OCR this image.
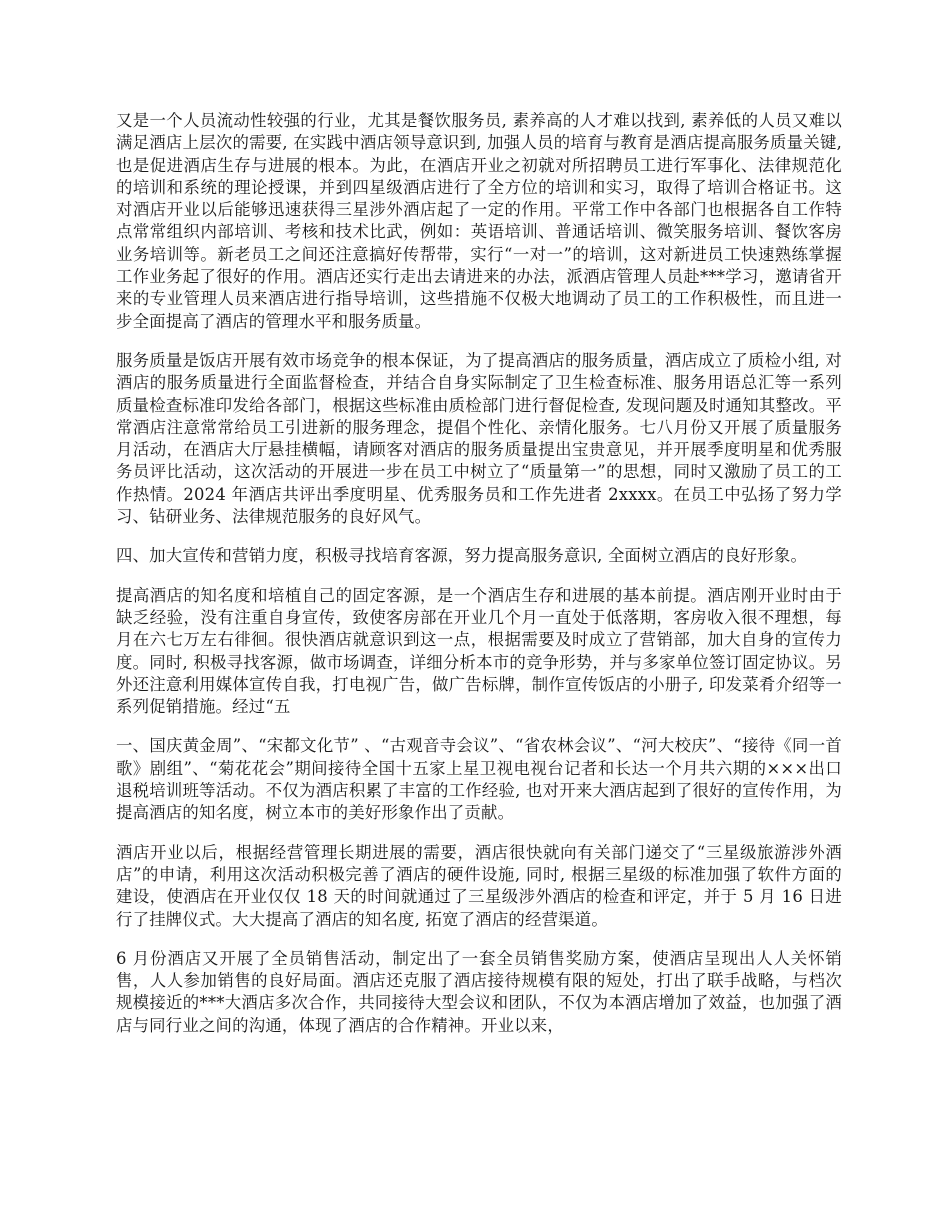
又是一个人员流动性较强的行业，尤其是餐饮服务员, 素养高的人才难以找到, 素养低的人员又难以满足酒店上层次的需要, 在实践中酒店领导意识到, 加强人员的培育与教育是酒店提高服务质量关键, 也是促进酒店生存与进展的根本。为此，在酒店开业之初就对所招聘员工进行军事化、法律规范化的培训和系统的理论授课，并到四星级酒店进行了全方位的培训和实习，取得了培训合格证书。这对酒店开业以后能够迅速获得三星涉外酒店起了一定的作用。平常工作中各部门也根据各自工作特点常常组织内部培训、考核和技术比武，例如：英语培训、普通话培训、微笑服务培训、餐饮客房业务培训等。新老员工之间还注意搞好传帮带，实行“一对一”的培训，这对新进员工快速熟练掌握工作业务起了很好的作用。酒店还实行走出去请进来的办法，派酒店管理人员赴***学习，邀请省开来的专业管理人员来酒店进行指导培训，这些措施不仅极大地调动了员工的工作积极性，而且进一步全面提高了酒店的管理水平和服务质量。

服务质量是饭店开展有效市场竞争的根本保证，为了提高酒店的服务质量，酒店成立了质检小组, 对酒店的服务质量进行全面监督检查，并结合自身实际制定了卫生检查标准、服务用语总汇等一系列质量检查标准印发给各部门，根据这些标准由质检部门进行督促检查, 发现问题及时通知其整改。平常酒店注意常常给员工引进新的服务理念，提倡个性化、亲情化服务。七八月份又开展了质量服务月活动，在酒店大厅悬挂横幅，请顾客对酒店的服务质量提出宝贵意见，并开展季度明星和优秀服务员评比活动，这次活动的开展进一步在员工中树立了“质量第一”的思想，同时又激励了员工的工作热情。2024 年酒店共评出季度明星、优秀服务员和工作先进者 2xxxx。在员工中弘扬了努力学习、钻研业务、法律规范服务的良好风气。

四、加大宣传和营销力度，积极寻找培育客源，努力提高服务意识, 全面树立酒店的良好形象。

提高酒店的知名度和培植自己的固定客源，是一个酒店生存和进展的基本前提。酒店刚开业时由于缺乏经验，没有注重自身宣传，致使客房部在开业几个月一直处于低落期，客房收入很不理想，每月在六七万左右徘徊。很快酒店就意识到这一点，根据需要及时成立了营销部，加大自身的宣传力度。同时, 积极寻找客源，做市场调查，详细分析本市的竞争形势，并与多家单位签订固定协议。另外还注意利用媒体宣传自我，打电视广告，做广告标牌，制作宣传饭店的小册子, 印发菜肴介绍等一系列促销措施。经过“五

一、国庆黄金周”、“宋都文化节” 、“古观音寺会议”、“省农林会议”、“河大校庆”、“接待《同一首歌》剧组”、“菊花花会”期间接待全国十五家上星卫视电视台记者和长达一个月共六期的×××出口退税培训班等活动。不仅为酒店积累了丰富的工作经验, 也对开来大酒店起到了很好的宣传作用，为提高酒店的知名度，树立本市的美好形象作出了贡献。

酒店开业以后，根据经营管理长期进展的需要，酒店很快就向有关部门递交了“三星级旅游涉外酒店”的申请，利用这次活动积极完善了酒店的硬件设施, 同时, 根据三星级的标准加强了软件方面的建设，使酒店在开业仅仅 18 天的时间就通过了三星级涉外酒店的检查和评定，并于 5 月 16 日进行了挂牌仪式。大大提高了酒店的知名度, 拓宽了酒店的经营渠道。

6 月份酒店又开展了全员销售活动，制定出了一套全员销售奖励方案，使酒店呈现出人人关怀销售，人人参加销售的良好局面。酒店还克服了酒店接待规模有限的短处，打出了联手战略，与档次规模接近的***大酒店多次合作，共同接待大型会议和团队，不仅为本酒店增加了效益，也加强了酒店与同行业之间的沟通，体现了酒店的合作精神。开业以来，
